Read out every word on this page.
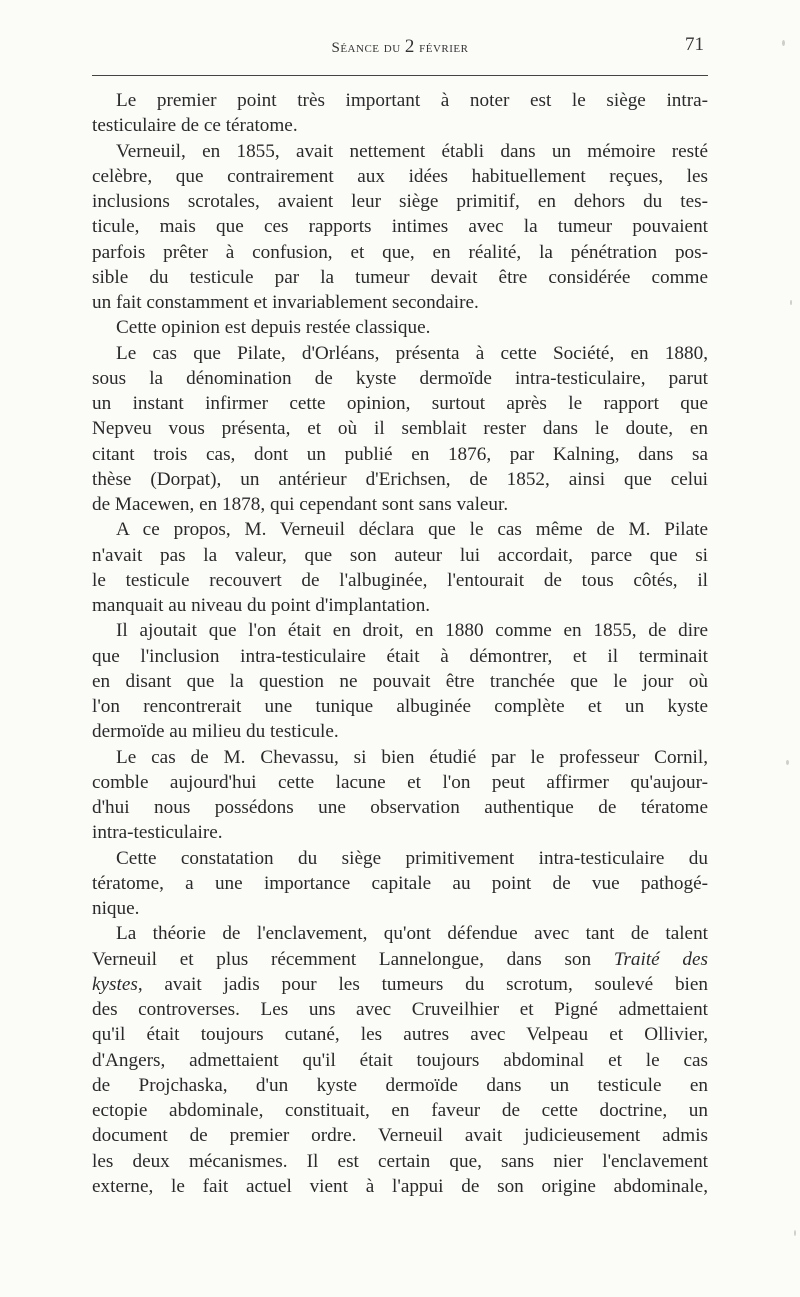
Séance du 2 février	71
Le premier point très important à noter est le siège intra-
testiculaire de ce tératome.
Verneuil, en 1855, avait nettement établi dans un mémoire resté
celèbre, que contrairement aux idées habituellement reçues, les
inclusions scrotales, avaient leur siège primitif, en dehors du tes-
ticule, mais que ces rapports intimes avec la tumeur pouvaient
parfois prêter à confusion, et que, en réalité, la pénétration pos-
sible du testicule par la tumeur devait être considérée comme
un fait constamment et invariablement secondaire.
Cette opinion est depuis restée classique.
Le cas que Pilate, d'Orléans, présenta à cette Société, en 1880,
sous la dénomination de kyste dermoïde intra-testiculaire, parut
un instant infirmer cette opinion, surtout après le rapport que
Nepveu vous présenta, et où il semblait rester dans le doute, en
citant trois cas, dont un publié en 1876, par Kalning, dans sa
thèse (Dorpat), un antérieur d'Erichsen, de 1852, ainsi que celui
de Macewen, en 1878, qui cependant sont sans valeur.
A ce propos, M. Verneuil déclara que le cas même de M. Pilate
n'avait pas la valeur, que son auteur lui accordait, parce que si
le testicule recouvert de l'albuginée, l'entourait de tous côtés, il
manquait au niveau du point d'implantation.
Il ajoutait que l'on était en droit, en 1880 comme en 1855, de dire
que l'inclusion intra-testiculaire était à démontrer, et il terminait
en disant que la question ne pouvait être tranchée que le jour où
l'on rencontrerait une tunique albuginée complète et un kyste
dermoïde au milieu du testicule.
Le cas de M. Chevassu, si bien étudié par le professeur Cornil,
comble aujourd'hui cette lacune et l'on peut affirmer qu'aujour-
d'hui nous possédons une observation authentique de tératome
intra-testiculaire.
Cette constatation du siège primitivement intra-testiculaire du
tératome, a une importance capitale au point de vue pathogé-
nique.
La théorie de l'enclavement, qu'ont défendue avec tant de talent
Verneuil et plus récemment Lannelongue, dans son Traité des
kystes, avait jadis pour les tumeurs du scrotum, soulevé bien
des controverses. Les uns avec Cruveilhier et Pigné admettaient
qu'il était toujours cutané, les autres avec Velpeau et Ollivier,
d'Angers, admettaient qu'il était toujours abdominal et le cas
de Projchaska, d'un kyste dermoïde dans un testicule en
ectopie abdominale, constituait, en faveur de cette doctrine, un
document de premier ordre. Verneuil avait judicieusement admis
les deux mécanismes. Il est certain que, sans nier l'enclavement
externe, le fait actuel vient à l'appui de son origine abdominale,
